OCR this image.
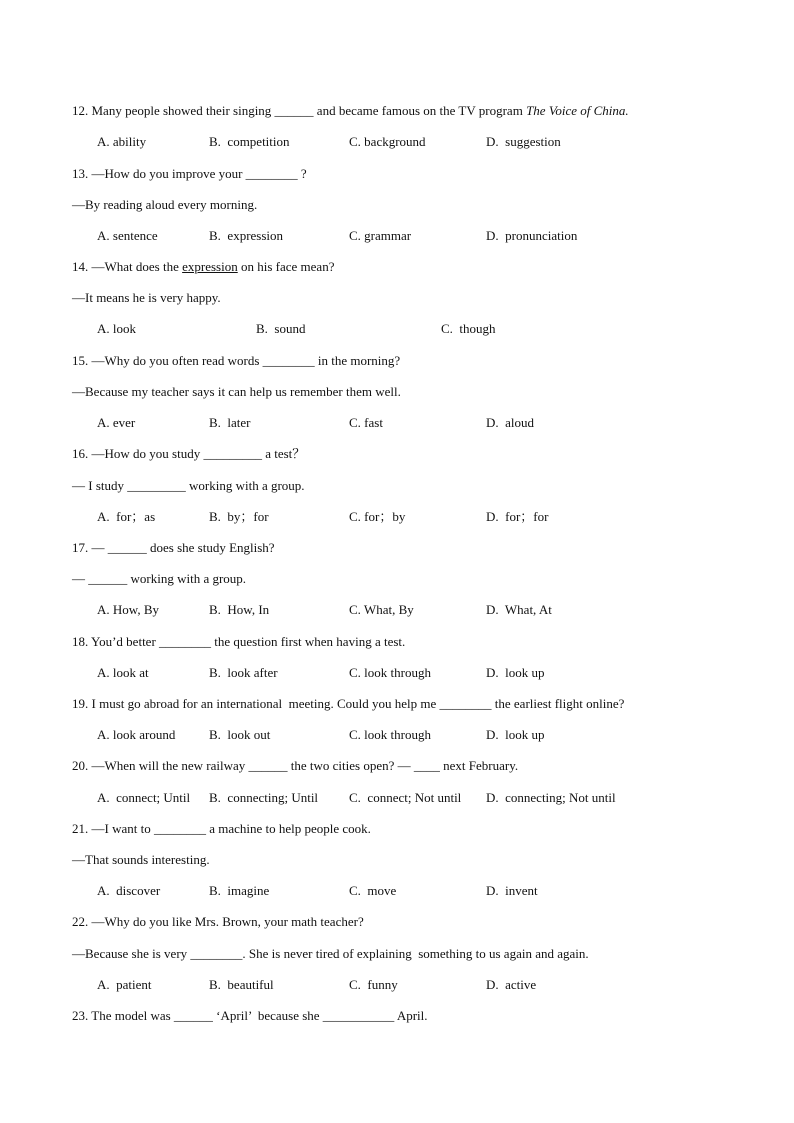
12. Many people showed their singing ______ and became famous on the TV program The Voice of China.
A. ability	B.  competition	C. background	D.  suggestion
13. —How do you improve your ________ ?
—By reading aloud every morning.
A. sentence	B.  expression	C. grammar	D.  pronunciation
14. —What does the expression on his face mean?
—It means he is very happy.
A. look	B.  sound	C.  though
15. —Why do you often read words ________ in the morning?
—Because my teacher says it can help us remember them well.
A. ever	B.  later	C. fast	D.  aloud
16. —How do you study _________ a test？
— I study _________ working with a group.
A.  for；as	B.  by；for	C. for；by	D.  for；for
17. — ______ does she study English?
— ______ working with a group.
A. How, By	B.  How, In	C. What, By	D.  What, At
18. You’d better ________ the question first when having a test.
A. look at	B.  look after	C. look through	D.  look up
19. I must go abroad for an international  meeting. Could you help me ________ the earliest flight online?
A. look around	B.  look out	C. look through	D.  look up
20. —When will the new railway ______ the two cities open? — ____ next February.
A.  connect; Until B.  connecting; Until C.  connect; Not until D.  connecting; Not until
21. —I want to ________ a machine to help people cook.
—That sounds interesting.
A.  discover	B.  imagine	C.  move	D.  invent
22. —Why do you like Mrs. Brown, your math teacher?
—Because she is very ________. She is never tired of explaining  something to us again and again.
A.  patient	B.  beautiful	C.  funny	D.  active
23. The model was ______ ‘April’  because she ___________ April.
